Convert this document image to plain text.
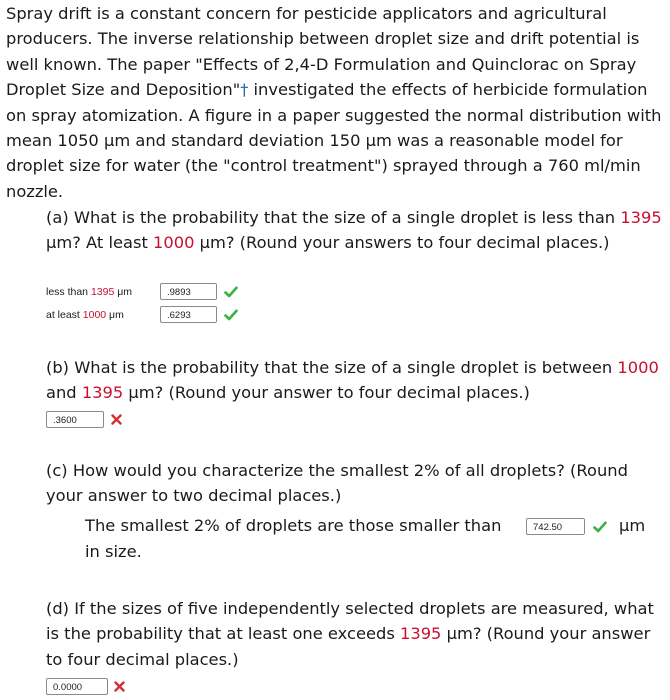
Spray drift is a constant concern for pesticide applicators and agricultural producers. The inverse relationship between droplet size and drift potential is well known. The paper "Effects of 2,4-D Formulation and Quinclorac on Spray Droplet Size and Deposition"† investigated the effects of herbicide formulation on spray atomization. A figure in a paper suggested the normal distribution with mean 1050 μm and standard deviation 150 μm was a reasonable model for droplet size for water (the "control treatment") sprayed through a 760 ml/min nozzle.

(a) What is the probability that the size of a single droplet is less than 1395 μm? At least 1000 μm? (Round your answers to four decimal places.)

less than 1395 μm	.9893
at least 1000 μm	.6293

(b) What is the probability that the size of a single droplet is between 1000 and 1395 μm? (Round your answer to four decimal places.)

.3600

(c) How would you characterize the smallest 2% of all droplets? (Round your answer to two decimal places.)

The smallest 2% of droplets are those smaller than	742.50	μm
in size.

(d) If the sizes of five independently selected droplets are measured, what is the probability that at least one exceeds 1395 μm? (Round your answer to four decimal places.)

0.0000
